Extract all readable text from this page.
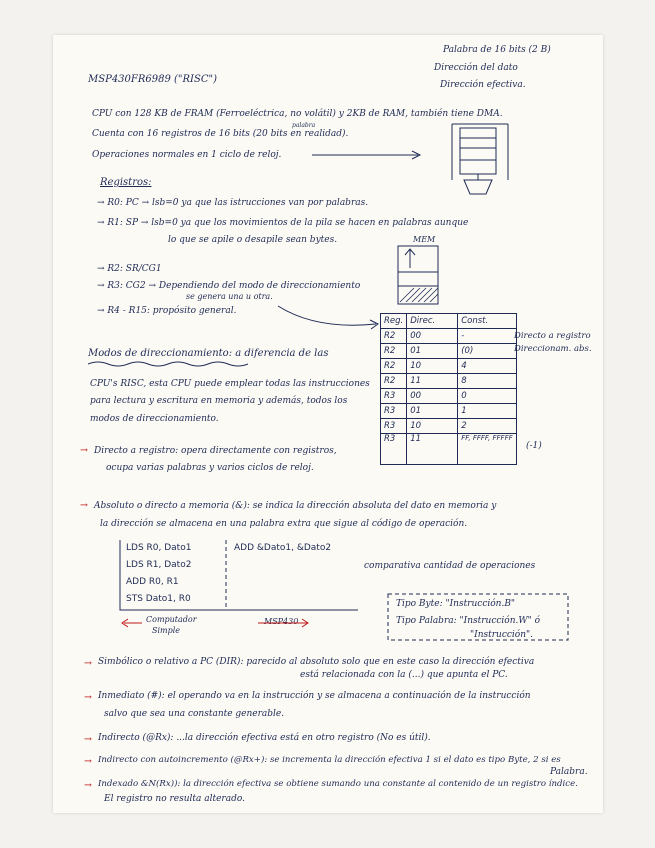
Palabra de 16 bits (2 B)
Dirección del dato
Dirección efectiva.
MSP430FR6989 ("RISC")
CPU con 128 KB de FRAM (Ferroeléctrica, no volátil) y 2KB de RAM, también tiene DMA.
palabra
Cuenta con 16 registros de 16 bits (20 bits en realidad).
Operaciones normales en 1 ciclo de reloj.
Registros:
→ R0: PC → lsb=0 ya que las istrucciones van por palabras.
→ R1: SP → lsb=0 ya que los movimientos de la pila se hacen en palabras aunque
lo que se apile o desapile sean bytes.	MEM
→ R2: SR/CG1
→ R3: CG2 → Dependiendo del modo de direccionamiento
se genera una u otra.
→ R4 - R15: propósito general.
Reg.	Direc.	Const.
R2	00	-
R2	01	(0)
R2	10	4
R2	11	8
R3	00	0
R3	01	1
R3	10	2
R3	11	FF, FFFF, FFFFF
Directo a registro
Direccionam. abs.
(-1)
Modos de direccionamiento: a diferencia de las
CPU's RISC, esta CPU puede emplear todas las instrucciones
para lectura y escritura en memoria y además, todos los
modos de direccionamiento.
→ Directo a registro: opera directamente con registros,
ocupa varias palabras y varios ciclos de reloj.
→ Absoluto o directo a memoria (&): se indica la dirección absoluta del dato en memoria y
la dirección se almacena en una palabra extra que sigue al código de operación.
LDS R0, Dato1
LDS R1, Dato2
ADD R0, R1
STS Dato1, R0
ADD &Dato1, &Dato2
comparativa cantidad de operaciones
Computador
Simple
MSP430
Tipo Byte: "Instrucción.B"
Tipo Palabra: "Instrucción.W" ó
"Instrucción".
→ Simbólico o relativo a PC (DIR): parecido al absoluto solo que en este caso la dirección efectiva
está relacionada con la (...) que apunta el PC.
→ Inmediato (#): el operando va en la instrucción y se almacena a continuación de la instrucción
salvo que sea una constante generable.
→ Indirecto (@Rx): ...la dirección efectiva está en otro registro (No es útil).
→ Indirecto con autoincremento (@Rx+): se incrementa la dirección efectiva 1 si el dato es tipo Byte, 2 si es
Palabra.
→ Indexado &N(Rx)): la dirección efectiva se obtiene sumando una constante al contenido de un registro índice.
El registro no resulta alterado.
